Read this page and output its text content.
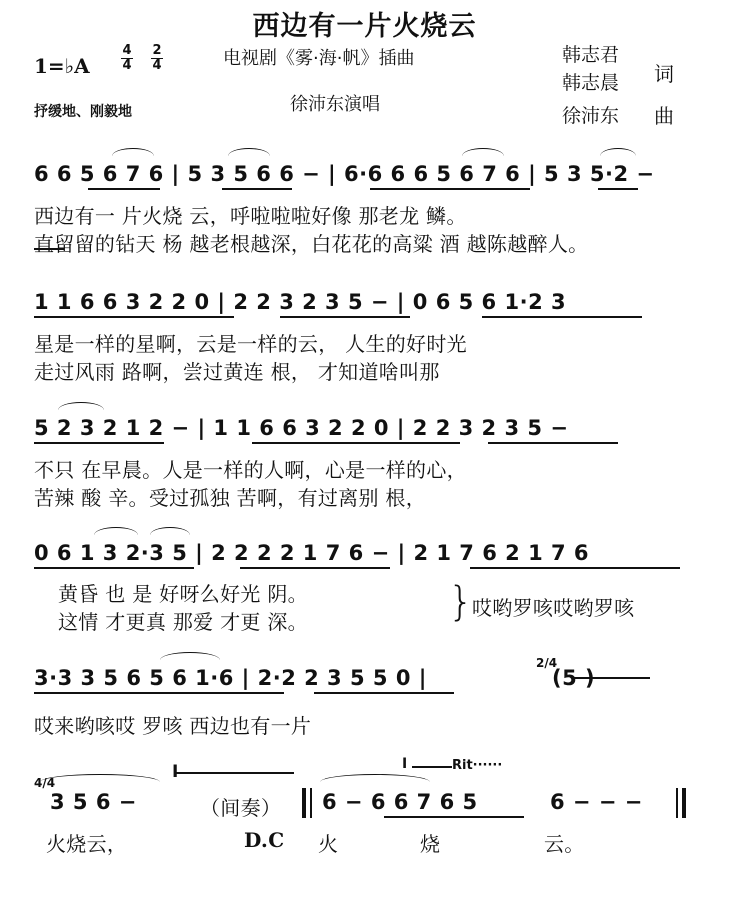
西边有一片火烧云
1=♭A
4
4
2
4	电视剧《雾·海·帆》插曲
徐沛东演唱
抒缓地、刚毅地
韩志君
韩志晨 词
徐沛东 曲
6 6 5 6 7 6 | 5 3 5 6 6 − | 6·6 6 6 5 6 7 6 | 5 3 5·2 −
西边有一 片火烧 云，呼啦啦啦好像 那老龙 鳞。
直留留的钻天 杨 越老根越深，白花花的高粱 酒 越陈越醉人。
1 1 6 6 3 2 2 0 | 2 2 3 2 3 5 − | 0 6 5 6 1·2 3
星是一样的星啊，云是一样的云， 人生的好时光
走过风雨 路啊，尝过黄连 根， 才知道啥叫那
5 2 3 2 1 2 − | 1 1 6 6 3 2 2 0 | 2 2 3 2 3 5 −
不只 在早晨。人是一样的人啊，心是一样的心，
苦辣 酸 辛。受过孤独 苦啊，有过离别 根，
0 6 1 3 2·3 5 | 2 2 2 2 1 7 6 − | 2 1 7 6 2 1 7 6
黄昏 也 是 好呀么好光 阴。
这情 才更真 那爱 才更 深。
哎哟罗咳哎哟罗咳
}
3·3 3 5 6 5 6 1·6 | 2·2 2 3 5 5 0 |
2/4
(5 )
哎来哟咳哎 罗咳 西边也有一片
4/4
3 5 6 −
I
（间奏） 6 − 6 6 7 6 5
I	Rit······
6 − − −
火烧云，	D.C 火	烧	云。
